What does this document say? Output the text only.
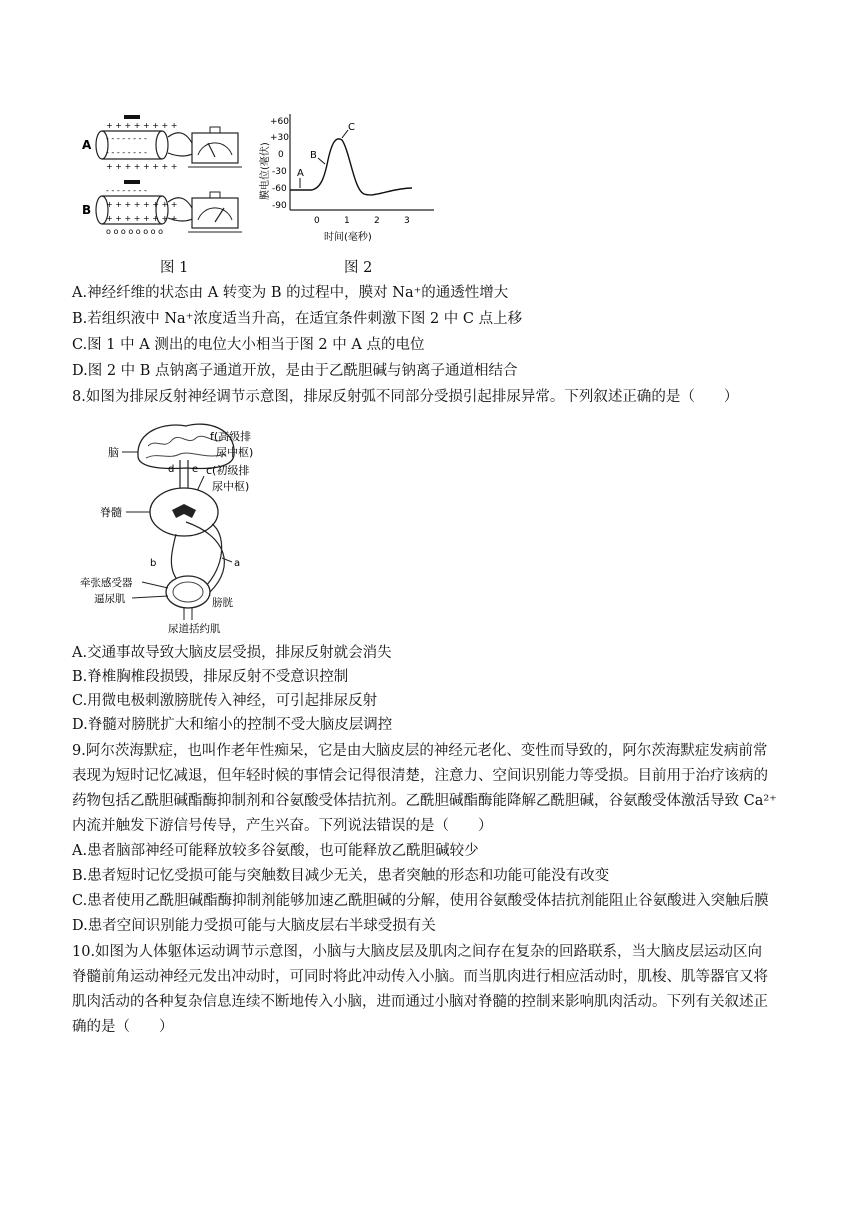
A
+ + + + + + + +
- - - - - - - -
- - - - - - - -
+ + + + + + + +
B
- - - - - - - -
+ + + + + + + +
+ + + + + + + +
o o o o o o o o
图 1
膜电位(毫伏)
+60
+30
0
-30
-60
-90
0	1	2	3
时间(毫秒)
A
B
C
图 2
A.神经纤维的状态由 A 转变为 B 的过程中，膜对 Na⁺的通透性增大
B.若组织液中 Na⁺浓度适当升高，在适宜条件刺激下图 2 中 C 点上移
C.图 1 中 A 测出的电位大小相当于图 2 中 A 点的电位
D.图 2 中 B 点钠离子通道开放，是由于乙酰胆碱与钠离子通道相结合
8.如图为排尿反射神经调节示意图，排尿反射弧不同部分受损引起排尿异常。下列叙述正确的是（　　）
脑
f(高级排
尿中枢)
d e c(初级排
尿中枢)
脊髓
a
b
牵张感受器
逼尿肌	膀胱
尿道括约肌
A.交通事故导致大脑皮层受损，排尿反射就会消失
B.脊椎胸椎段损毁，排尿反射不受意识控制
C.用微电极刺激膀胱传入神经，可引起排尿反射
D.脊髓对膀胱扩大和缩小的控制不受大脑皮层调控
9.阿尔茨海默症，也叫作老年性痴呆，它是由大脑皮层的神经元老化、变性而导致的，阿尔茨海默症发病前常
表现为短时记忆减退，但年轻时候的事情会记得很清楚，注意力、空间识别能力等受损。目前用于治疗该病的
药物包括乙酰胆碱酯酶抑制剂和谷氨酸受体拮抗剂。乙酰胆碱酯酶能降解乙酰胆碱，谷氨酸受体激活导致 Ca²⁺
内流并触发下游信号传导，产生兴奋。下列说法错误的是（　　）
A.患者脑部神经可能释放较多谷氨酸，也可能释放乙酰胆碱较少
B.患者短时记忆受损可能与突触数目减少无关，患者突触的形态和功能可能没有改变
C.患者使用乙酰胆碱酯酶抑制剂能够加速乙酰胆碱的分解，使用谷氨酸受体拮抗剂能阻止谷氨酸进入突触后膜
D.患者空间识别能力受损可能与大脑皮层右半球受损有关
10.如图为人体躯体运动调节示意图，小脑与大脑皮层及肌肉之间存在复杂的回路联系，当大脑皮层运动区向
脊髓前角运动神经元发出冲动时，可同时将此冲动传入小脑。而当肌肉进行相应活动时，肌梭、肌等器官又将
肌肉活动的各种复杂信息连续不断地传入小脑，进而通过小脑对脊髓的控制来影响肌肉活动。下列有关叙述正
确的是（　　）
